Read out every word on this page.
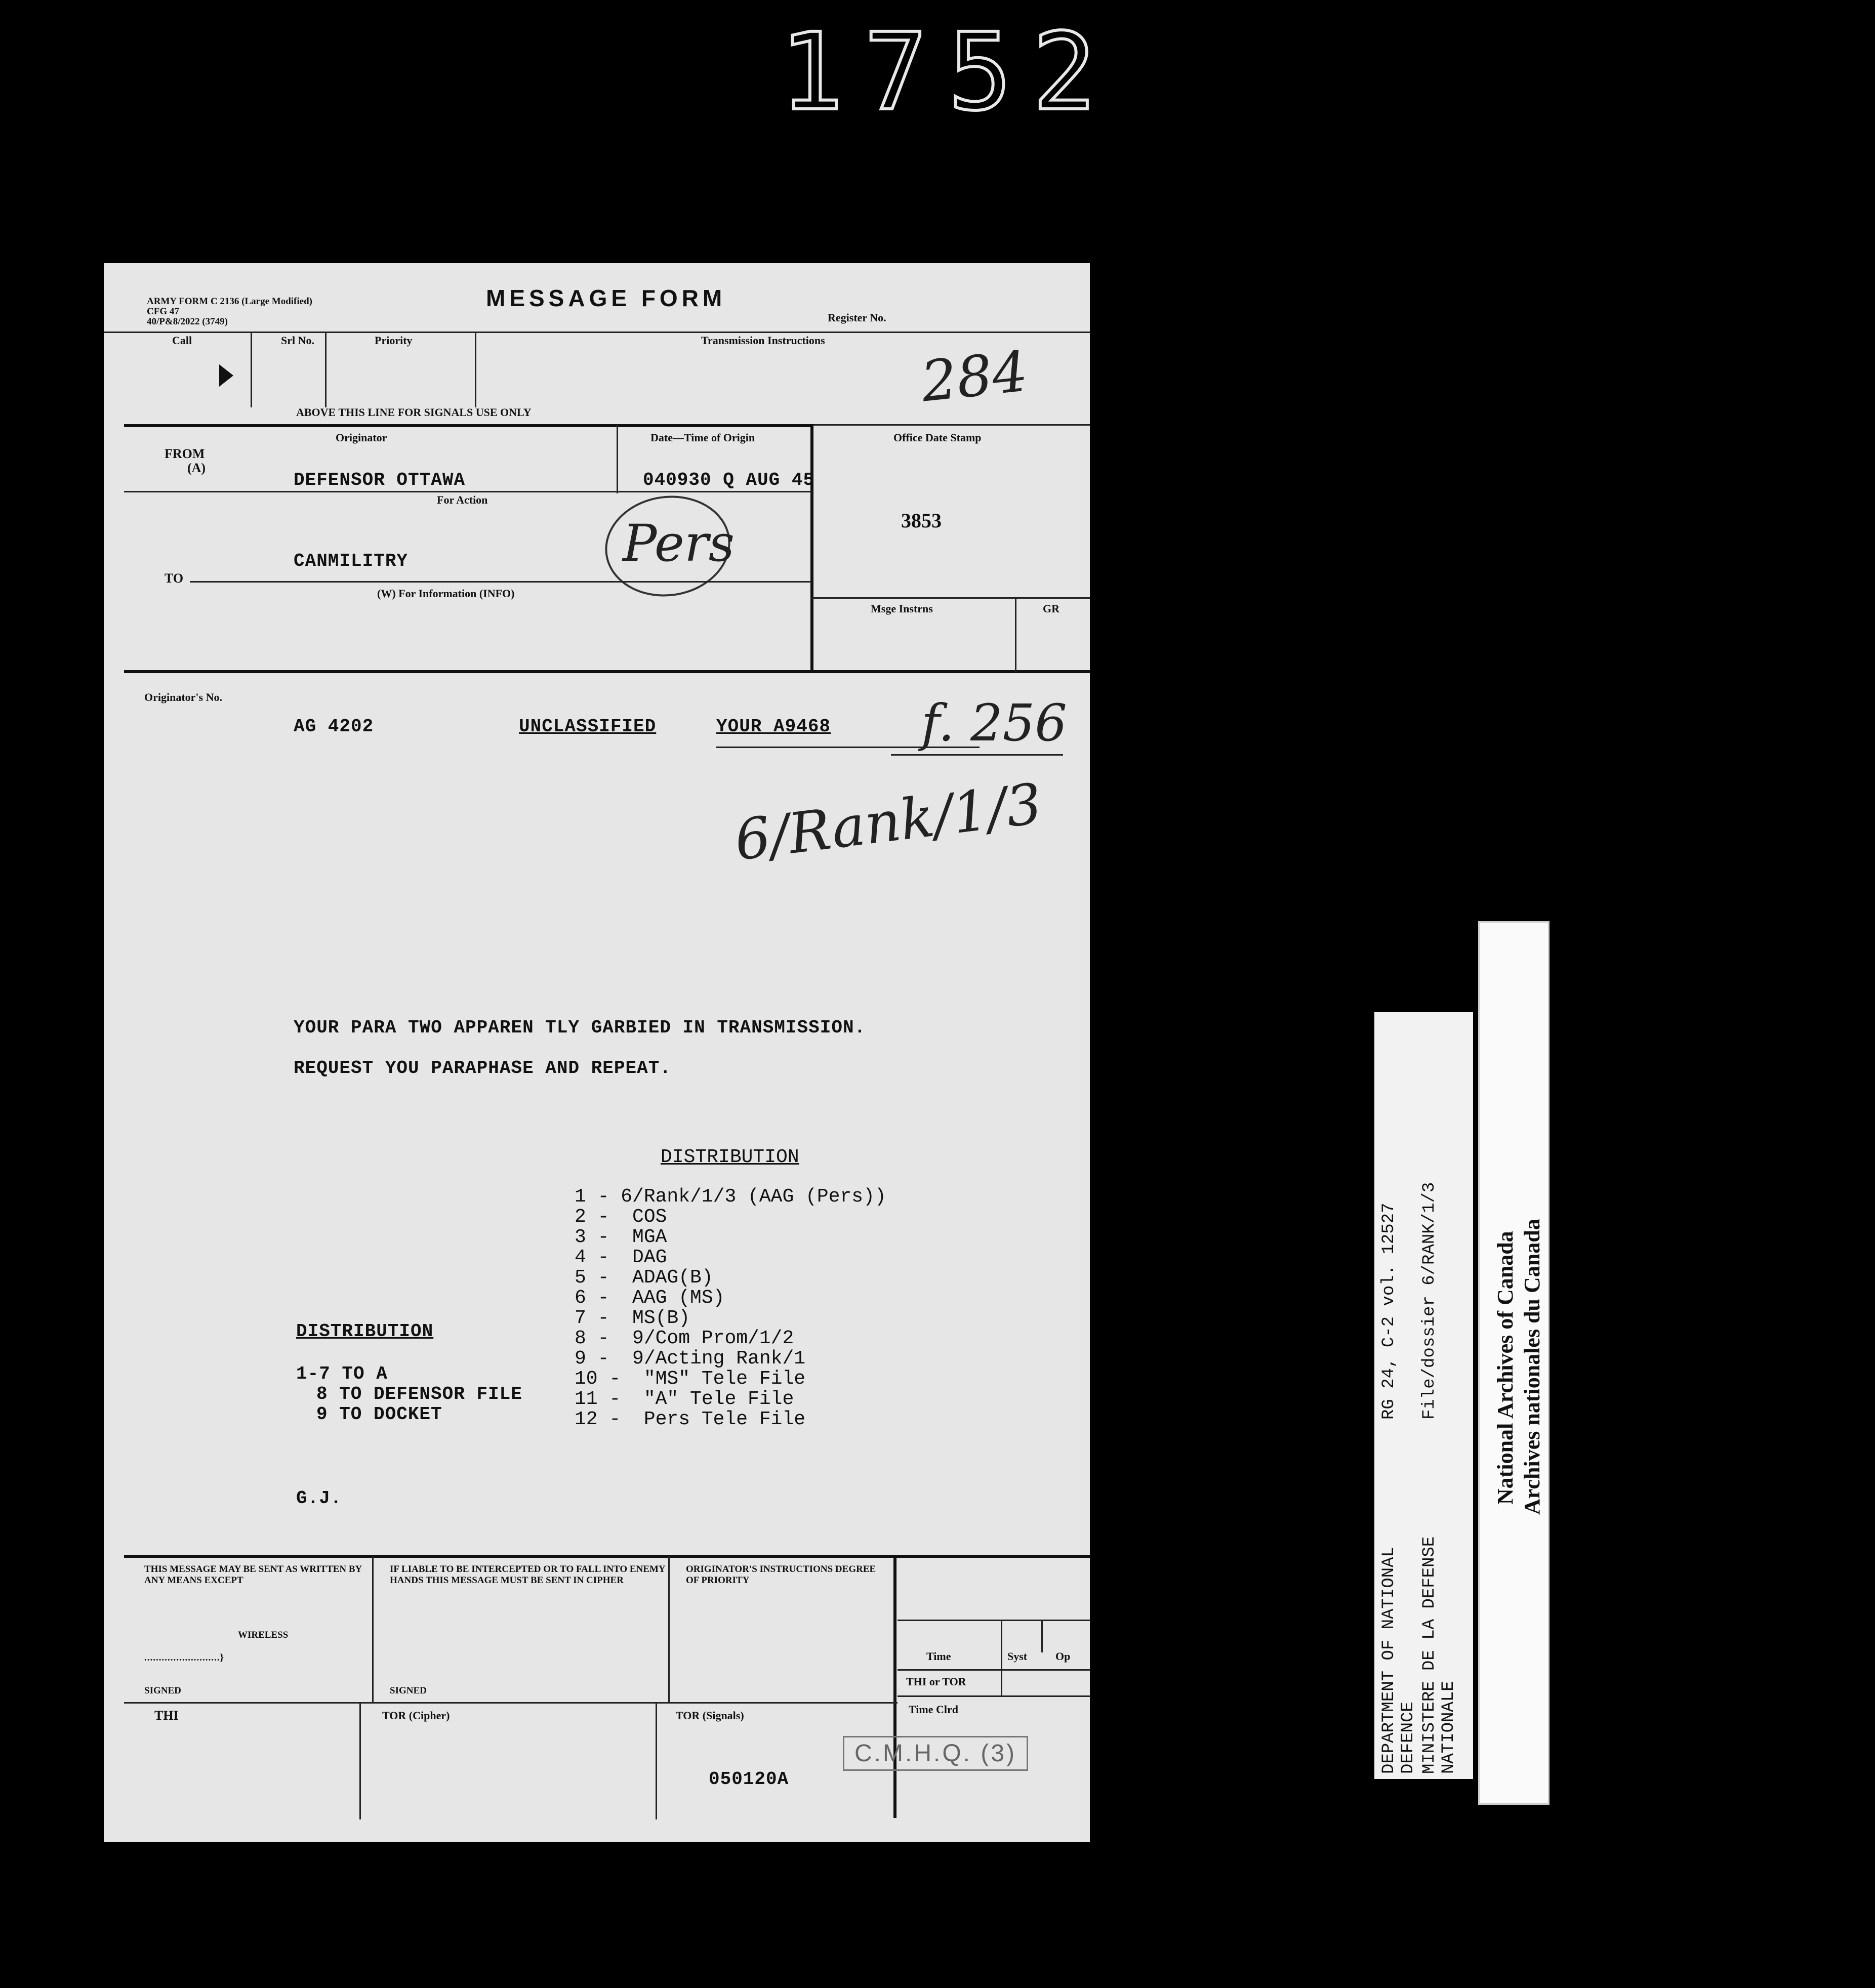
1752
ARMY FORM C 2136 (Large Modified)
CFG 47
40/P&8/2022 (3749)
MESSAGE FORM
Register No.
Call	Srl No.	Priority	Transmission Instructions 284
ABOVE THIS LINE FOR SIGNALS USE ONLY
Originator	Date—Time of Origin	Office Date Stamp
FROM
(A)
DEFENSOR OTTAWA	040930 Q AUG 45
For Action
3853
Pers
CANMILITRY
TO
(W) For Information (INFO)
Msge Instrns	GR
Originator's No.
AG 4202	UNCLASSIFIED	YOUR A9468 f. 256
6/Rank/1/3
YOUR PARA TWO APPAREN TLY GARBIED IN TRANSMISSION.
REQUEST YOU PARAPHASE AND REPEAT.
DISTRIBUTION
1 - 6/Rank/1/3 (AAG (Pers))
2 -  COS
3 -  MGA
4 -  DAG
5 -  ADAG(B)
6 -  AAG (MS)
7 -  MS(B)
8 -  9/Com Prom/1/2
9 -  9/Acting Rank/1
10 -  "MS" Tele File
11 -  "A" Tele File
12 -  Pers Tele File
DISTRIBUTION
1-7 TO A
8 TO DEFENSOR FILE
9 TO DOCKET
G.J.
THIS MESSAGE MAY BE SENT AS WRITTEN BY ANY MEANS EXCEPT
..........................}
WIRELESS
SIGNED
IF LIABLE TO BE INTERCEPTED OR TO FALL INTO ENEMY HANDS THIS MESSAGE MUST BE SENT IN CIPHER
SIGNED
ORIGINATOR'S INSTRUCTIONS DEGREE OF PRIORITY
Time	Syst	Op
THI or TOR
Time Clrd
THI	TOR (Cipher)	TOR (Signals)
050120A
C.M.H.Q. (3)	DEPARTMENT OF NATIONAL DEFENCE
RG 24, C-2 vol. 12527
MINISTERE DE LA DEFENSE NATIONALE
File/dossier 6/RANK/1/3	National Archives of Canada Archives nationales du Canada
